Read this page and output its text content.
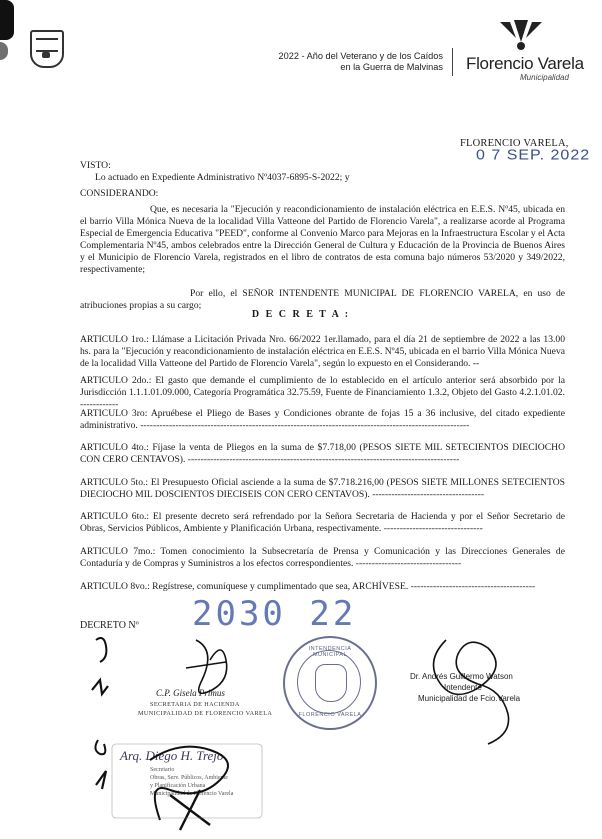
2022 - Año del Veterano y de los Caídos
en la Guerra de Malvinas Florencio Varela
Municipalidad
FLORENCIO VARELA,
0 7 SEP. 2022

VISTO:

Lo actuado en Expediente Administrativo Nº4037-6895-S-2022; y

CONSIDERANDO:

Que, es necesaria la "Ejecución y reacondicionamiento de instalación eléctrica en E.E.S. Nº45, ubicada en el barrio Villa Mónica Nueva de la localidad Villa Vatteone del Partido de Florencio Varela", a realizarse acorde al Programa Especial de Emergencia Educativa "PEED", conforme al Convenio Marco para Mejoras en la Infraestructura Escolar y el Acta Complementaria Nº45, ambos celebrados entre la Dirección General de Cultura y Educación de la Provincia de Buenos Aires y el Municipio de Florencio Varela, registrados en el libro de contratos de esta comuna bajo números 53/2020 y 349/2022, respectivamente;

Por ello, el SEÑOR INTENDENTE MUNICIPAL DE FLORENCIO VARELA, en uso de atribuciones propias a su cargo;

D E C R E T A :

ARTICULO 1ro.: Llámase a Licitación Privada Nro. 66/2022 1er.llamado, para el día 21 de septiembre de 2022 a las 13.00 hs. para la "Ejecución y reacondicionamiento de instalación eléctrica en E.E.S. Nº45, ubicada en el barrio Villa Mónica Nueva de la localidad Villa Vatteone del Partido de Florencio Varela", según lo expuesto en el Considerando. --

ARTICULO 2do.: El gasto que demande el cumplimiento de lo establecido en el artículo anterior será absorbido por la Jurisdicción 1.1.1.01.09.000, Categoría Programática 32.75.59, Fuente de Financiamiento 1.3.2, Objeto del Gasto 4.2.1.01.02. ------------

ARTICULO 3ro: Apruébese el Pliego de Bases y Condiciones obrante de fojas 15 a 36 inclusive, del citado expediente administrativo. -------------------------------------------------------------------------------------------------------

ARTICULO 4to.: Fíjase la venta de Pliegos en la suma de $7.718,00 (PESOS SIETE MIL SETECIENTOS DIECIOCHO CON CERO CENTAVOS). -------------------------------------------------------------------------------------

ARTICULO 5to.: El Presupuesto Oficial asciende a la suma de $7.718.216,00 (PESOS SIETE MILLONES SETECIENTOS DIECIOCHO MIL DOSCIENTOS DIECISEIS CON CERO CENTAVOS). -----------------------------------

ARTICULO 6to.: El presente decreto será refrendado por la Señora Secretaria de Hacienda y por el Señor Secretario de Obras, Servicios Públicos, Ambiente y Planificación Urbana, respectivamente. -------------------------------

ARTICULO 7mo.: Tomen conocimiento la Subsecretaría de Prensa y Comunicación y las Direcciones Generales de Contaduría y de Compras y Suministros a los efectos correspondientes. ---------------------------------

ARTICULO 8vo.: Regístrese, comuníquese y cumplimentado que sea, ARCHÍVESE. ---------------------------------------

DECRETO Nº 2030 22
INTENDENCIA MUNICIPAL
FLORENCIO VARELA
C.P. Gisela Primus
SECRETARIA DE HACIENDA
MUNICIPALIDAD DE FLORENCIO VARELA
Dr. Andrés Guillermo Watson
Intendente
Municipalidad de Fcio.Varela
Arq. Diego H. Trejo
Secretario
Obras, Serv. Públicos, Ambiente
y Planificación Urbana
Municipalidad de Florencio Varela
